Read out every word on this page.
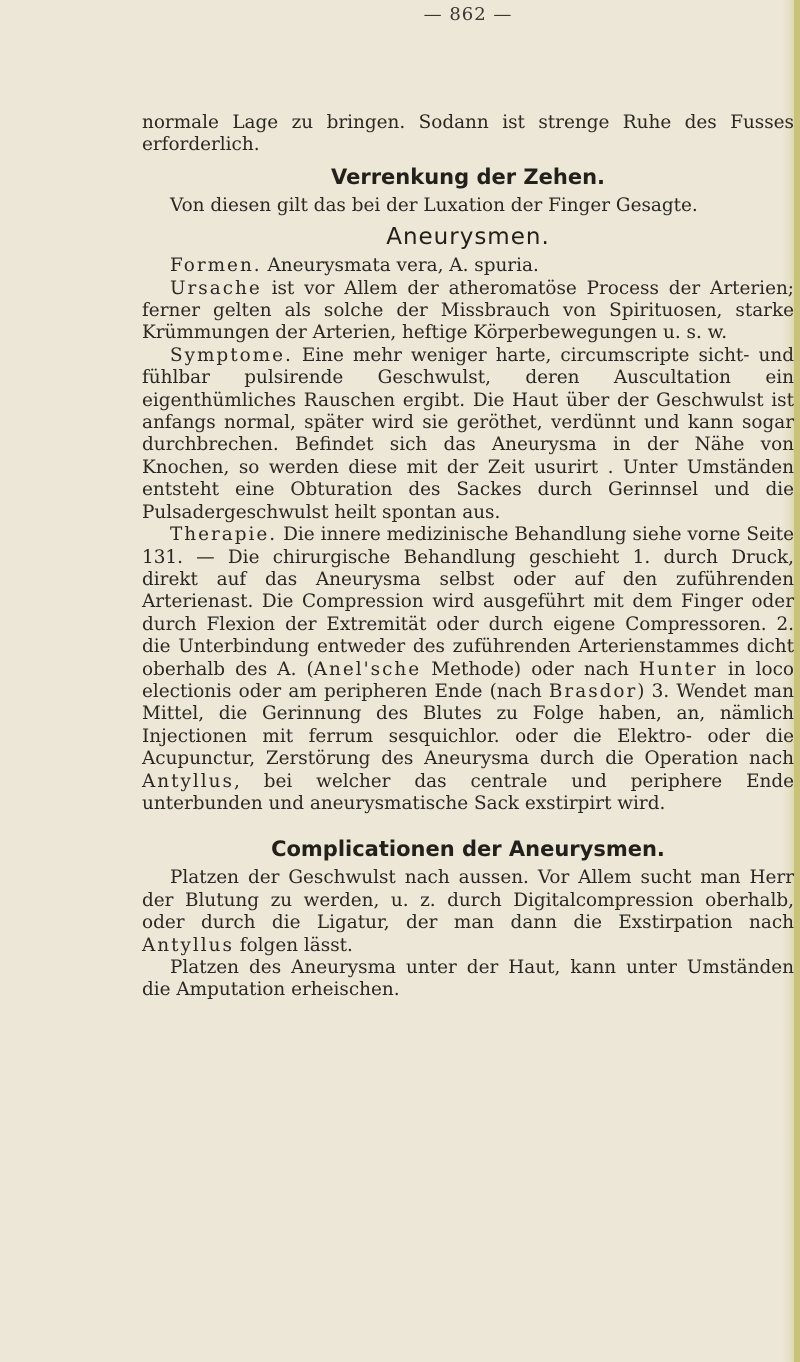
— 862 —

normale Lage zu bringen. Sodann ist strenge Ruhe des Fusses erforderlich.

Verrenkung der Zehen.

Von diesen gilt das bei der Luxation der Finger Gesagte.

Aneurysmen.

Formen. Aneurysmata vera, A. spuria.

Ursache ist vor Allem der atheromatöse Process der Arterien; ferner gelten als solche der Missbrauch von Spirituosen, starke Krümmungen der Arterien, heftige Körperbewegungen u. s. w.

Symptome. Eine mehr weniger harte, circumscripte sicht- und fühlbar pulsirende Geschwulst, deren Auscultation ein eigenthümliches Rauschen ergibt. Die Haut über der Geschwulst ist anfangs normal, später wird sie geröthet, verdünnt und kann sogar durchbrechen. Befindet sich das Aneurysma in der Nähe von Knochen, so werden diese mit der Zeit usurirt . Unter Umständen entsteht eine Obturation des Sackes durch Gerinnsel und die Pulsadergeschwulst heilt spontan aus.

Therapie. Die innere medizinische Behandlung siehe vorne Seite 131. — Die chirurgische Behandlung geschieht 1. durch Druck, direkt auf das Aneurysma selbst oder auf den zuführenden Arterienast. Die Compression wird ausgeführt mit dem Finger oder durch Flexion der Extremität oder durch eigene Compressoren. 2. die Unterbindung entweder des zuführenden Arterienstammes dicht oberhalb des A. (Anel'sche Methode) oder nach Hunter in loco electionis oder am peripheren Ende (nach Brasdor) 3. Wendet man Mittel, die Gerinnung des Blutes zu Folge haben, an, nämlich Injectionen mit ferrum sesquichlor. oder die Elektro- oder die Acupunctur, Zerstörung des Aneurysma durch die Operation nach Antyllus, bei welcher das centrale und periphere Ende unterbunden und aneurysmatische Sack exstirpirt wird.

Complicationen der Aneurysmen.

Platzen der Geschwulst nach aussen. Vor Allem sucht man Herr der Blutung zu werden, u. z. durch Digitalcompression oberhalb, oder durch die Ligatur, der man dann die Exstirpation nach Antyllus folgen lässt.

Platzen des Aneurysma unter der Haut, kann unter Umständen die Amputation erheischen.
